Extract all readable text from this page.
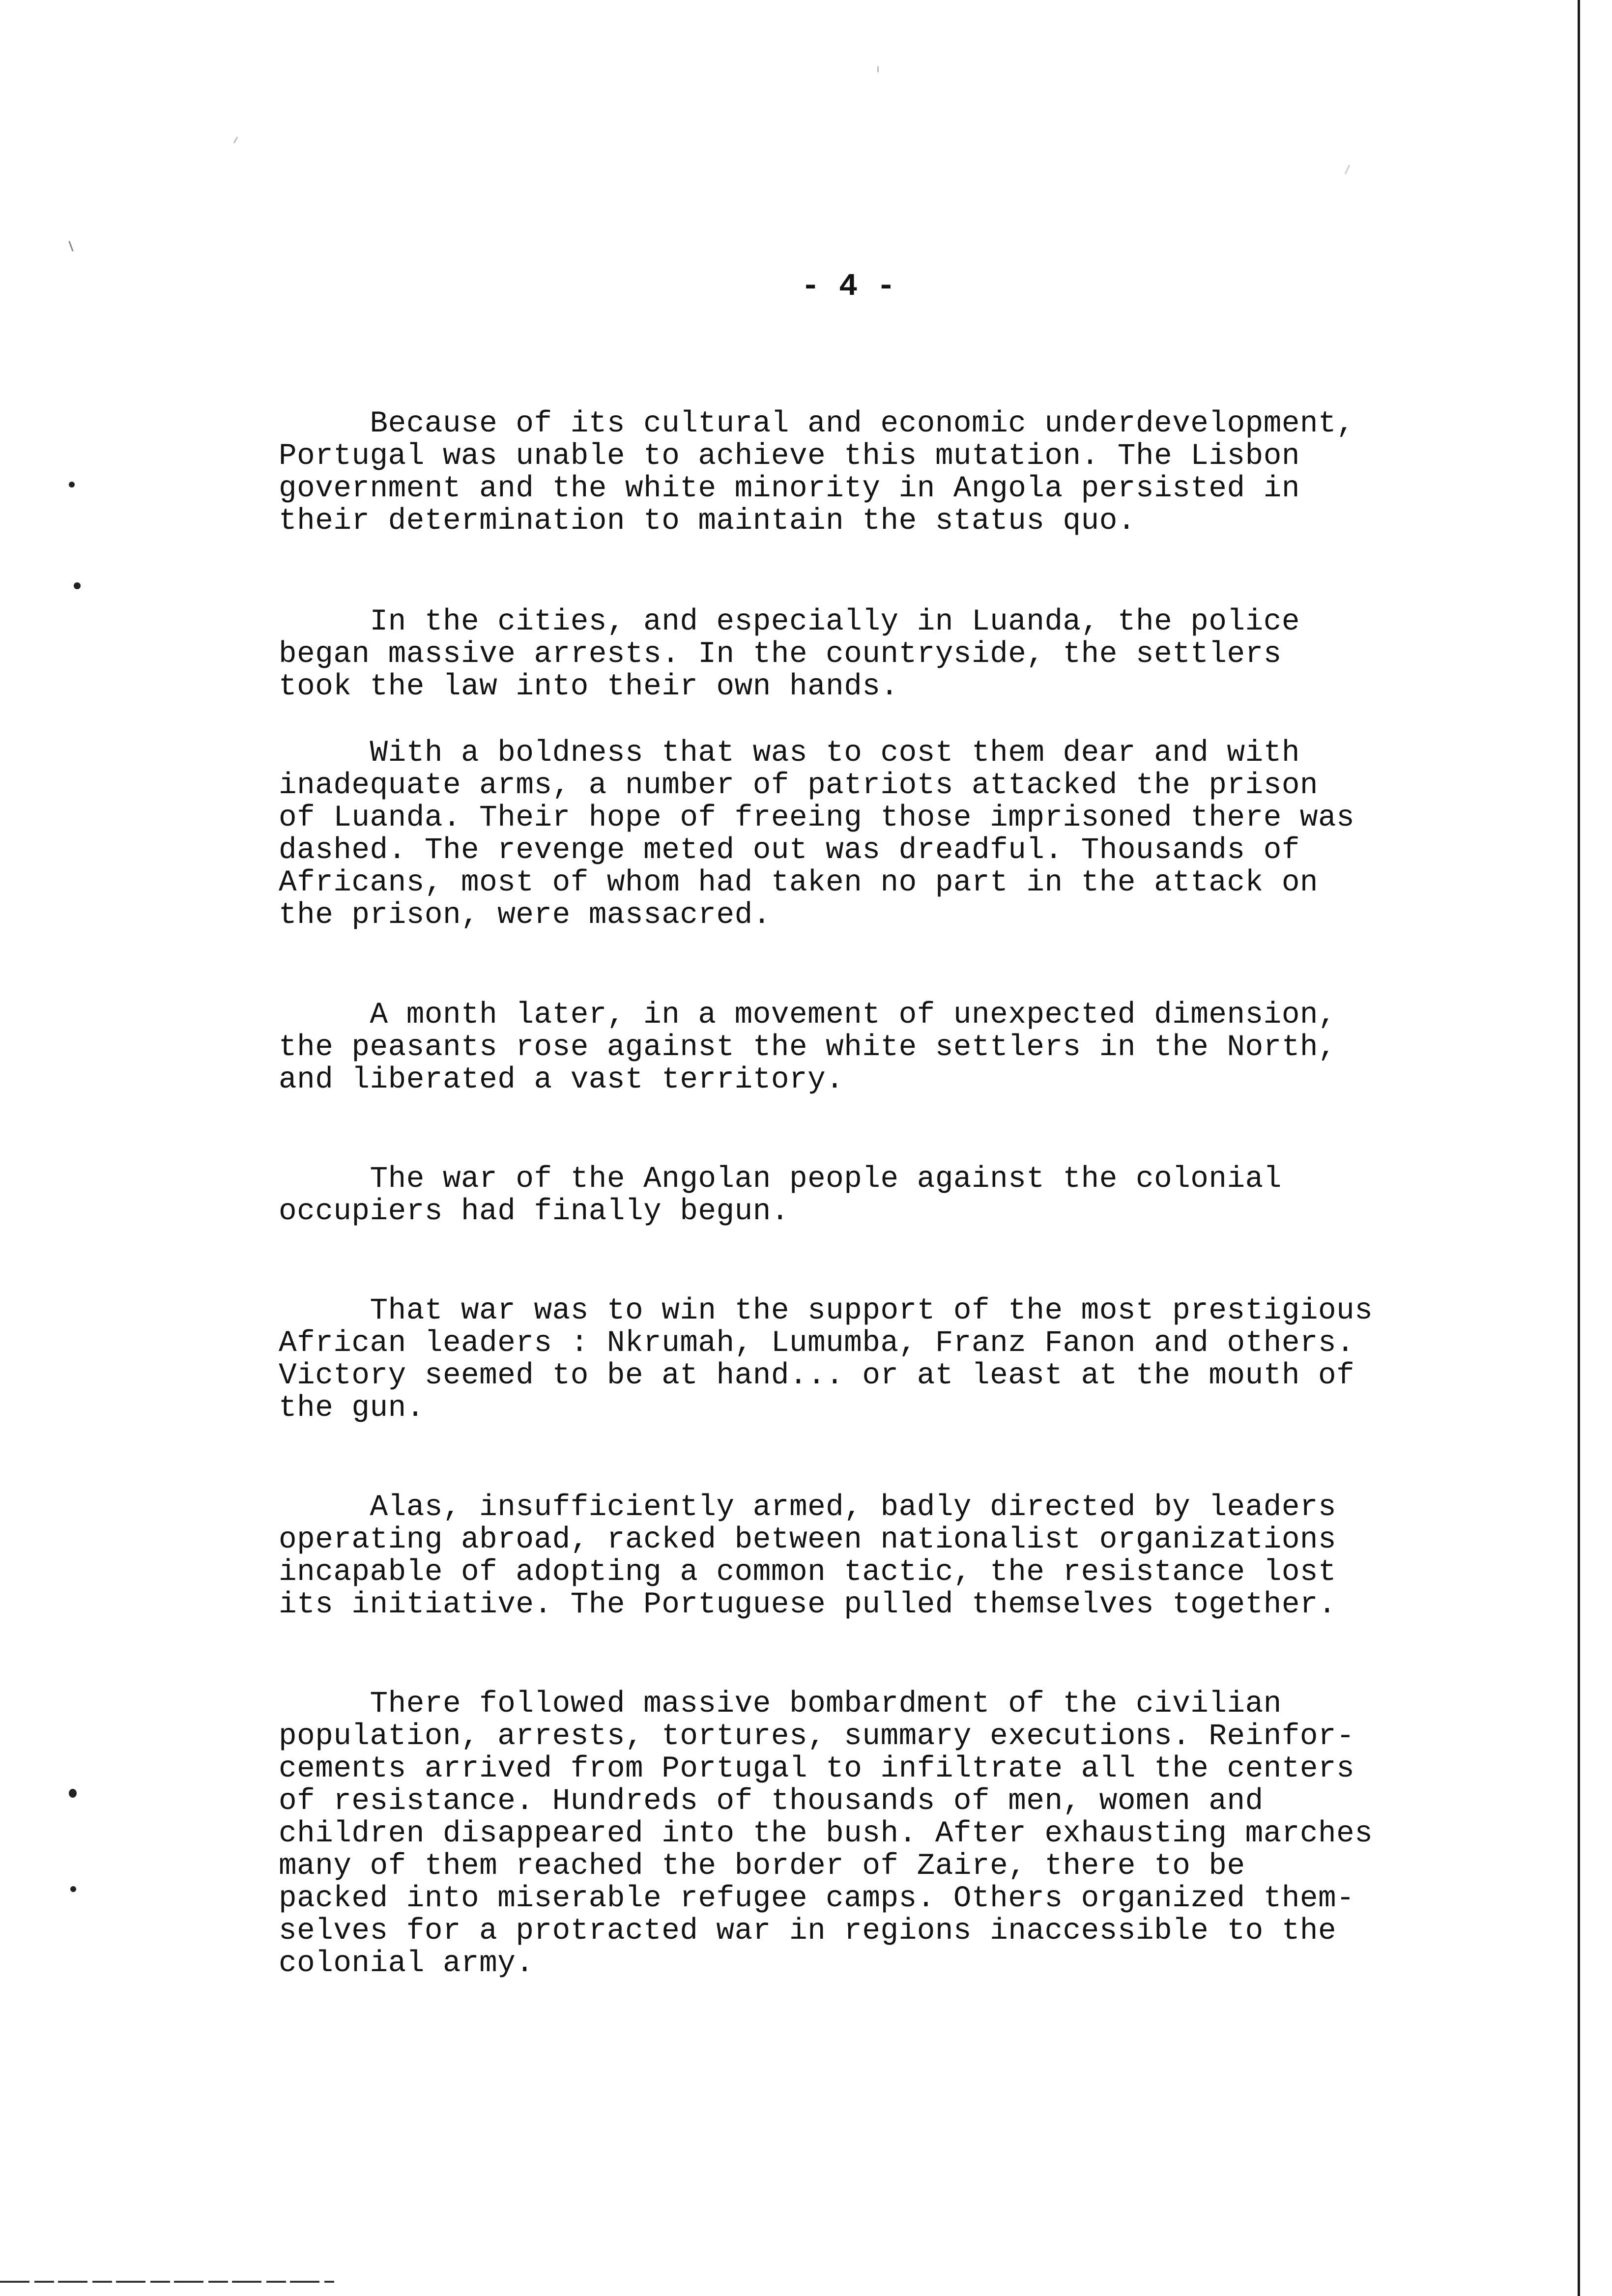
- 4 -

Because of its cultural and economic underdevelopment,
Portugal was unable to achieve this mutation. The Lisbon
government and the white minority in Angola persisted in
their determination to maintain the status quo.

In the cities, and especially in Luanda, the police
began massive arrests. In the countryside, the settlers
took the law into their own hands.

With a boldness that was to cost them dear and with
inadequate arms, a number of patriots attacked the prison
of Luanda. Their hope of freeing those imprisoned there was
dashed. The revenge meted out was dreadful. Thousands of
Africans, most of whom had taken no part in the attack on
the prison, were massacred.

A month later, in a movement of unexpected dimension,
the peasants rose against the white settlers in the North,
and liberated a vast territory.

The war of the Angolan people against the colonial
occupiers had finally begun.

That war was to win the support of the most prestigious
African leaders : Nkrumah, Lumumba, Franz Fanon and others.
Victory seemed to be at hand... or at least at the mouth of
the gun.

Alas, insufficiently armed, badly directed by leaders
operating abroad, racked between nationalist organizations
incapable of adopting a common tactic, the resistance lost
its initiative. The Portuguese pulled themselves together.

There followed massive bombardment of the civilian
population, arrests, tortures, summary executions. Reinfor-
cements arrived from Portugal to infiltrate all the centers
of resistance. Hundreds of thousands of men, women and
children disappeared into the bush. After exhausting marches
many of them reached the border of Zaire, there to be
packed into miserable refugee camps. Others organized them-
selves for a protracted war in regions inaccessible to the
colonial army.
